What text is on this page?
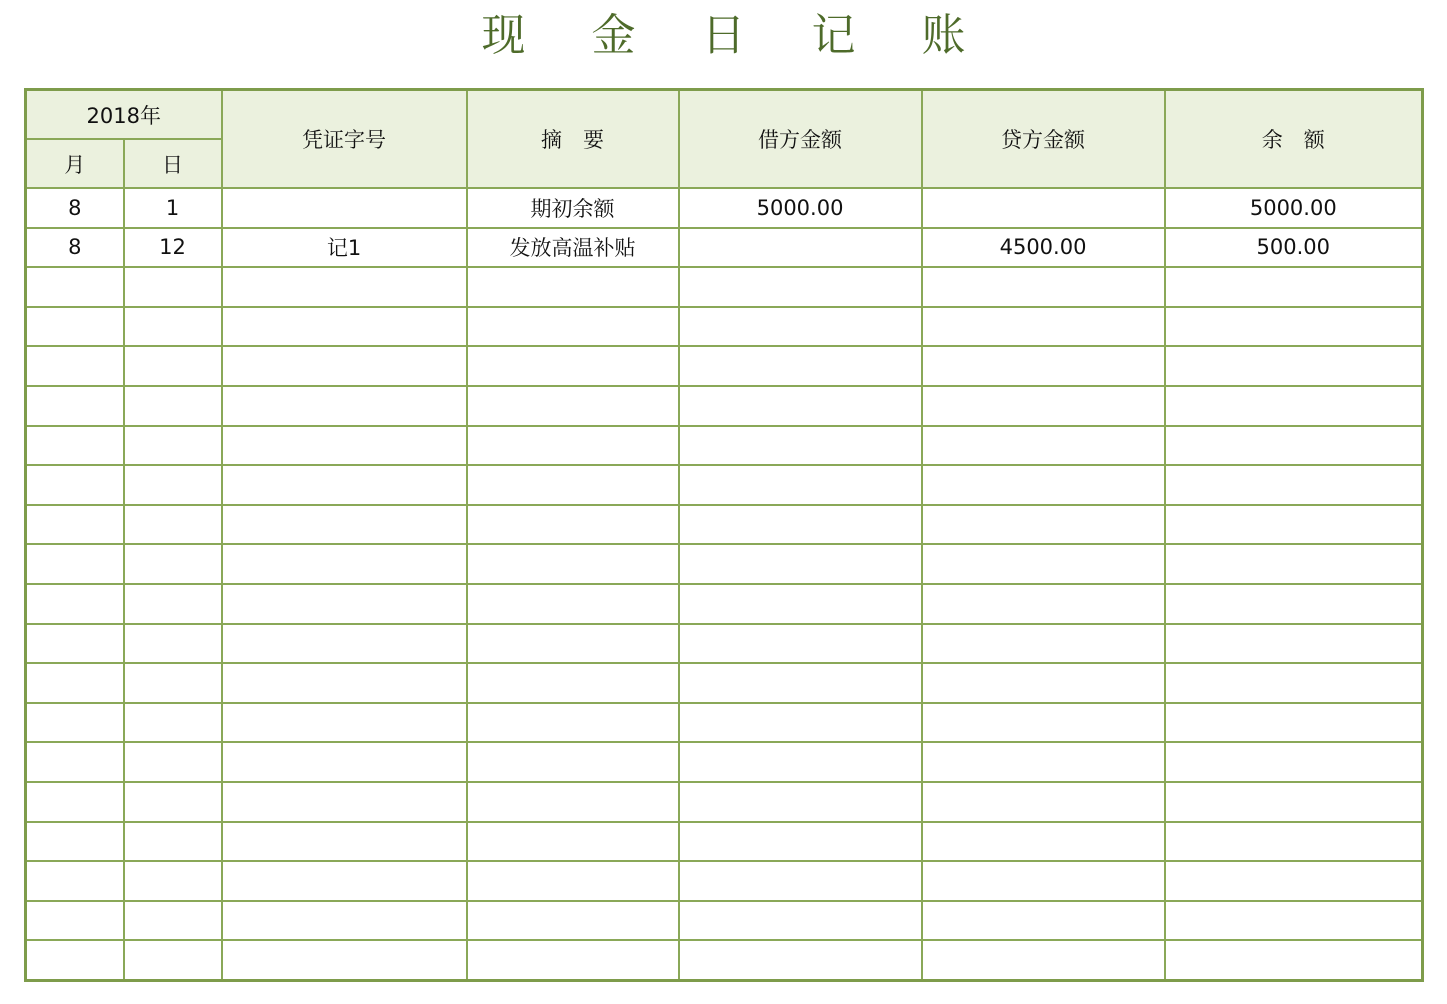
现 金 日 记 账
2018年		凭证字号	摘　要	借方金额	贷方金额	余　额
月	日					
8	1		期初余额	5000.00		5000.00
8	12	记1	发放高温补贴		4500.00	500.00
